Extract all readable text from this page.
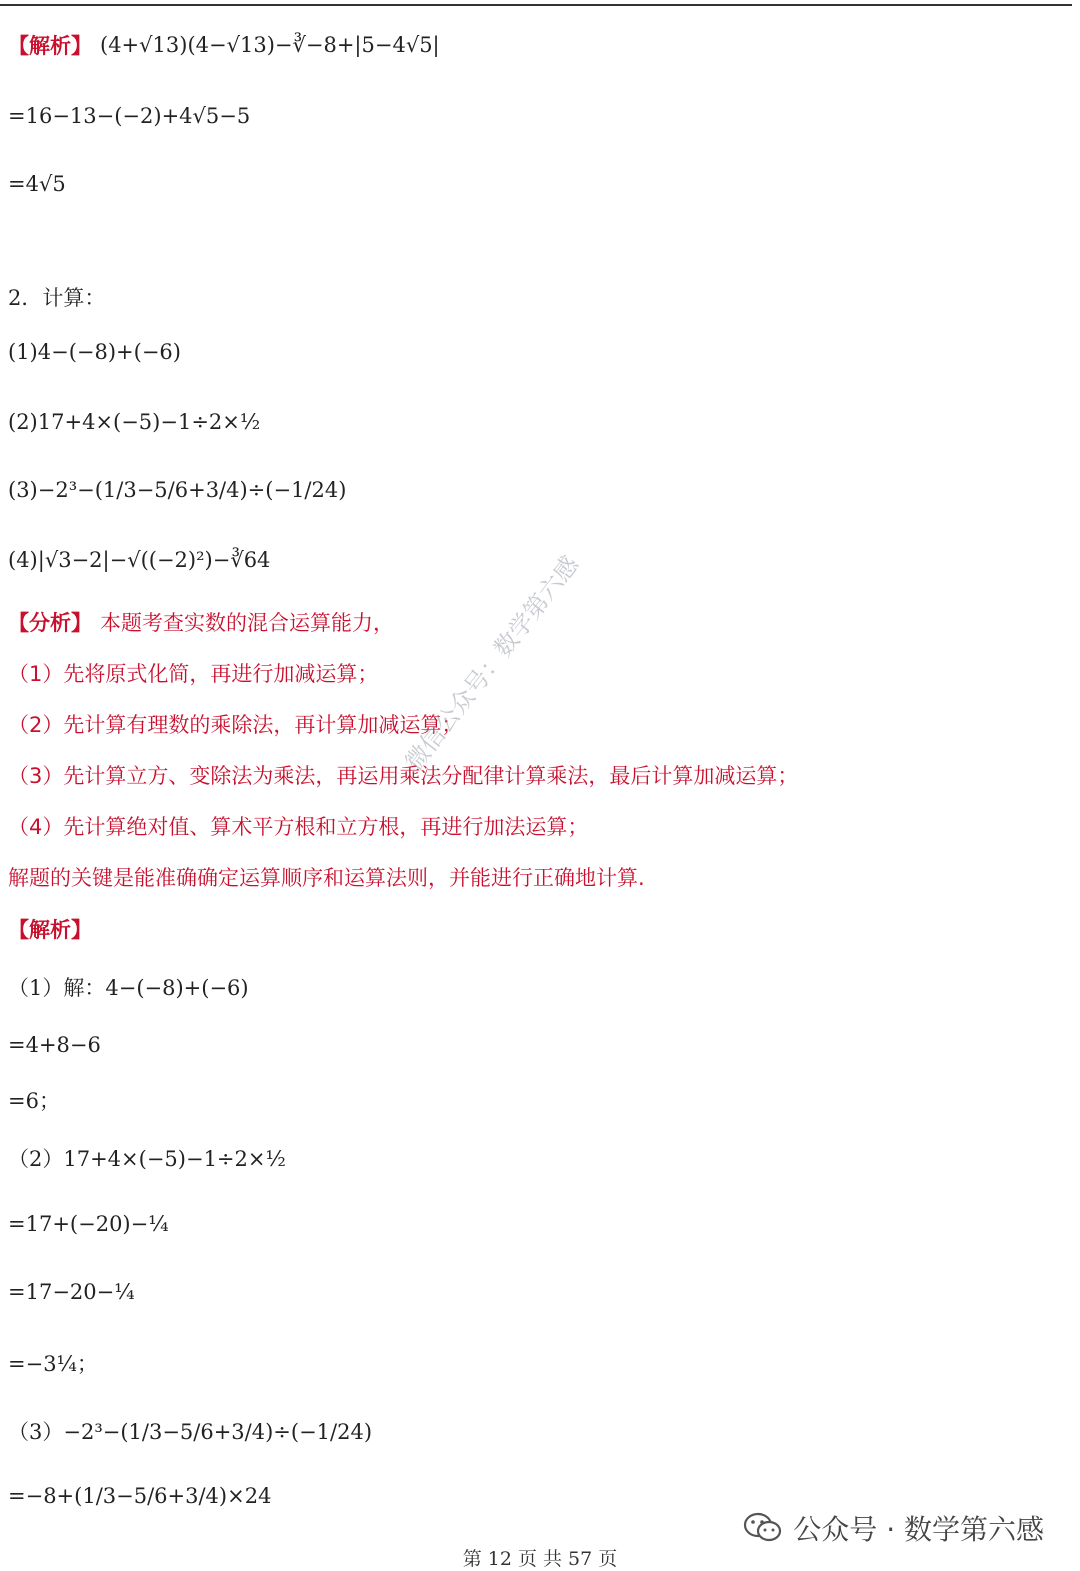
【解析】 (4+√13)(4−√13)−∛−8+|5−4√5|
=16−13−(−2)+4√5−5
=4√5
2．计算：
(1)4−(−8)+(−6)
(2)17+4×(−5)−1÷2×½
(3)−2³−(1/3−5/6+3/4)÷(−1/24)
(4)|√3−2|−√((−2)²)−∛64
【分析】 本题考查实数的混合运算能力，
（1）先将原式化简，再进行加减运算；
（2）先计算有理数的乘除法，再计算加减运算；
（3）先计算立方、变除法为乘法，再运用乘法分配律计算乘法，最后计算加减运算；
（4）先计算绝对值、算术平方根和立方根，再进行加法运算；
解题的关键是能准确确定运算顺序和运算法则，并能进行正确地计算.
【解析】
（1）解：4−(−8)+(−6)
=4+8−6
=6；
（2）17+4×(−5)−1÷2×½
=17+(−20)−¼
=17−20−¼
=−3¼；
（3）−2³−(1/3−5/6+3/4)÷(−1/24)
=−8+(1/3−5/6+3/4)×24
微信公众号：数学第六感
公众号 · 数学第六感
第 12 页 共 57 页
